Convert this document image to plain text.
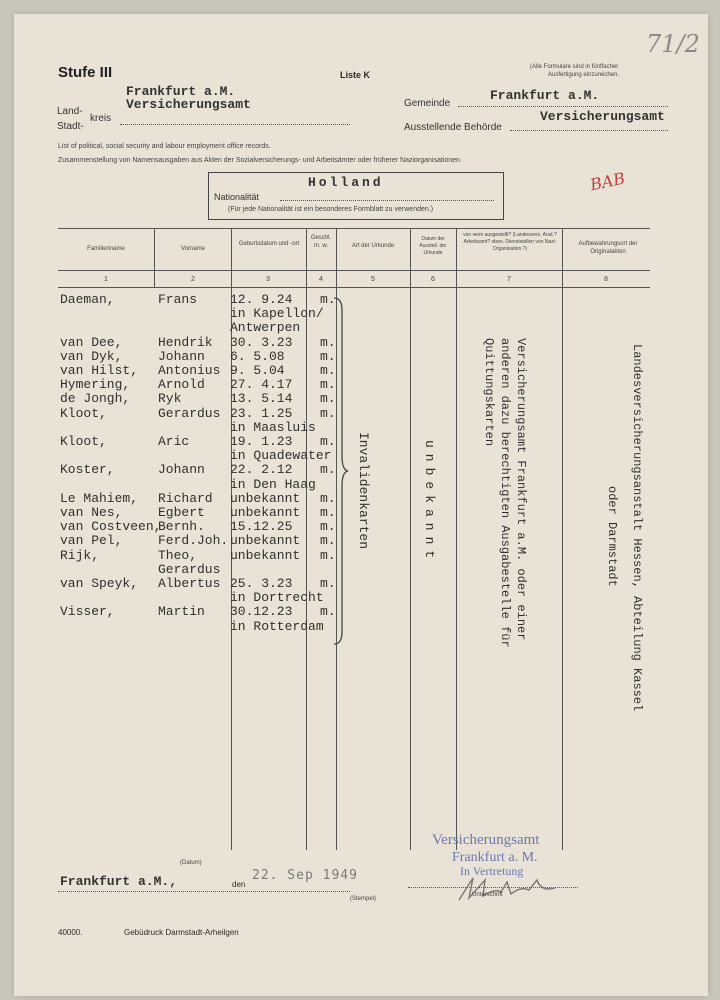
Stufe III	Liste K
(Alle Formulare sind in fünffacher
Ausfertigung einzureichen.
71/2
Frankfurt a.M.
Versicherungsamt
Land-
kreis
Stadt-
Gemeinde
Frankfurt a.M.
Ausstellende Behörde
Versicherungsamt
List of political, social security and labour employment office records.
Zusammenstellung von Namensausgaben aus Akten der Sozialversicherungs- und Arbeitsämter oder früherer Naziorganisationen.
Holland
Nationalität
(Für jede Nationalität ist ein besonderes Formblatt zu verwenden.)
BAB
Familienname	Vorname
Geburtsdatum und -ort
Geschl. m. w.	Art der Urkunde
Datum der Ausstell. der Urkunde
von wem ausgestellt? (Landesvers. Anst.? Arbeitsamt? oben. Dienststellen von Nazi-Organisation.?)
Aufbewahrungsort der Originalakten
1	2	3	4	5	6	7	8
Daeman,	Frans	12. 9.24 m.
in Kapellon/
Antwerpen
van Dee,	Hendrik 30. 3.23 m.
van Dyk,	Johann 6. 5.08	m.
van Hilst, Antonius 9. 5.04	m.
Hymering, Arnold 27. 4.17 m.
de Jongh, Ryk	13. 5.14 m.
Kloot,	Gerardus 23. 1.25 m.
in Maasluis
Kloot,	Aric	19. 1.23 m.
in Quadewater
Koster,	Johann 22. 2.12 m.
in Den Haag
Le Mahiem, Richard unbekannt m.
van Nes,	Egbert unbekannt m.
van Costveen,
Bernh. 15.12.25 m.
van Pel,	Ferd.Joh. unbekannt m.
Rijk,	Theo,	unbekannt m.
Gerardus
van Speyk, Albertus 25. 3.23 m.
in Dortrecht
Visser,	Martin 30.12.23 m.
in Rotterdam
Invalidenkarten	unbekannt	Versicherungsamt Frankfurt a.M. oder einer
anderen dazu berechtigten Ausgabestelle für
Quittungskarten	Landesversicherungsanstalt Hessen, Abteilung Kassel
oder Darmstadt
(Datum)
Frankfurt a.M.,	den
22. Sep 1949
(Stempel)
Versicherungsamt
Frankfurt a. M.
In Vertretung
Unterschrift
40000.	Gebüdruck Darmstadt-Arheilgen
